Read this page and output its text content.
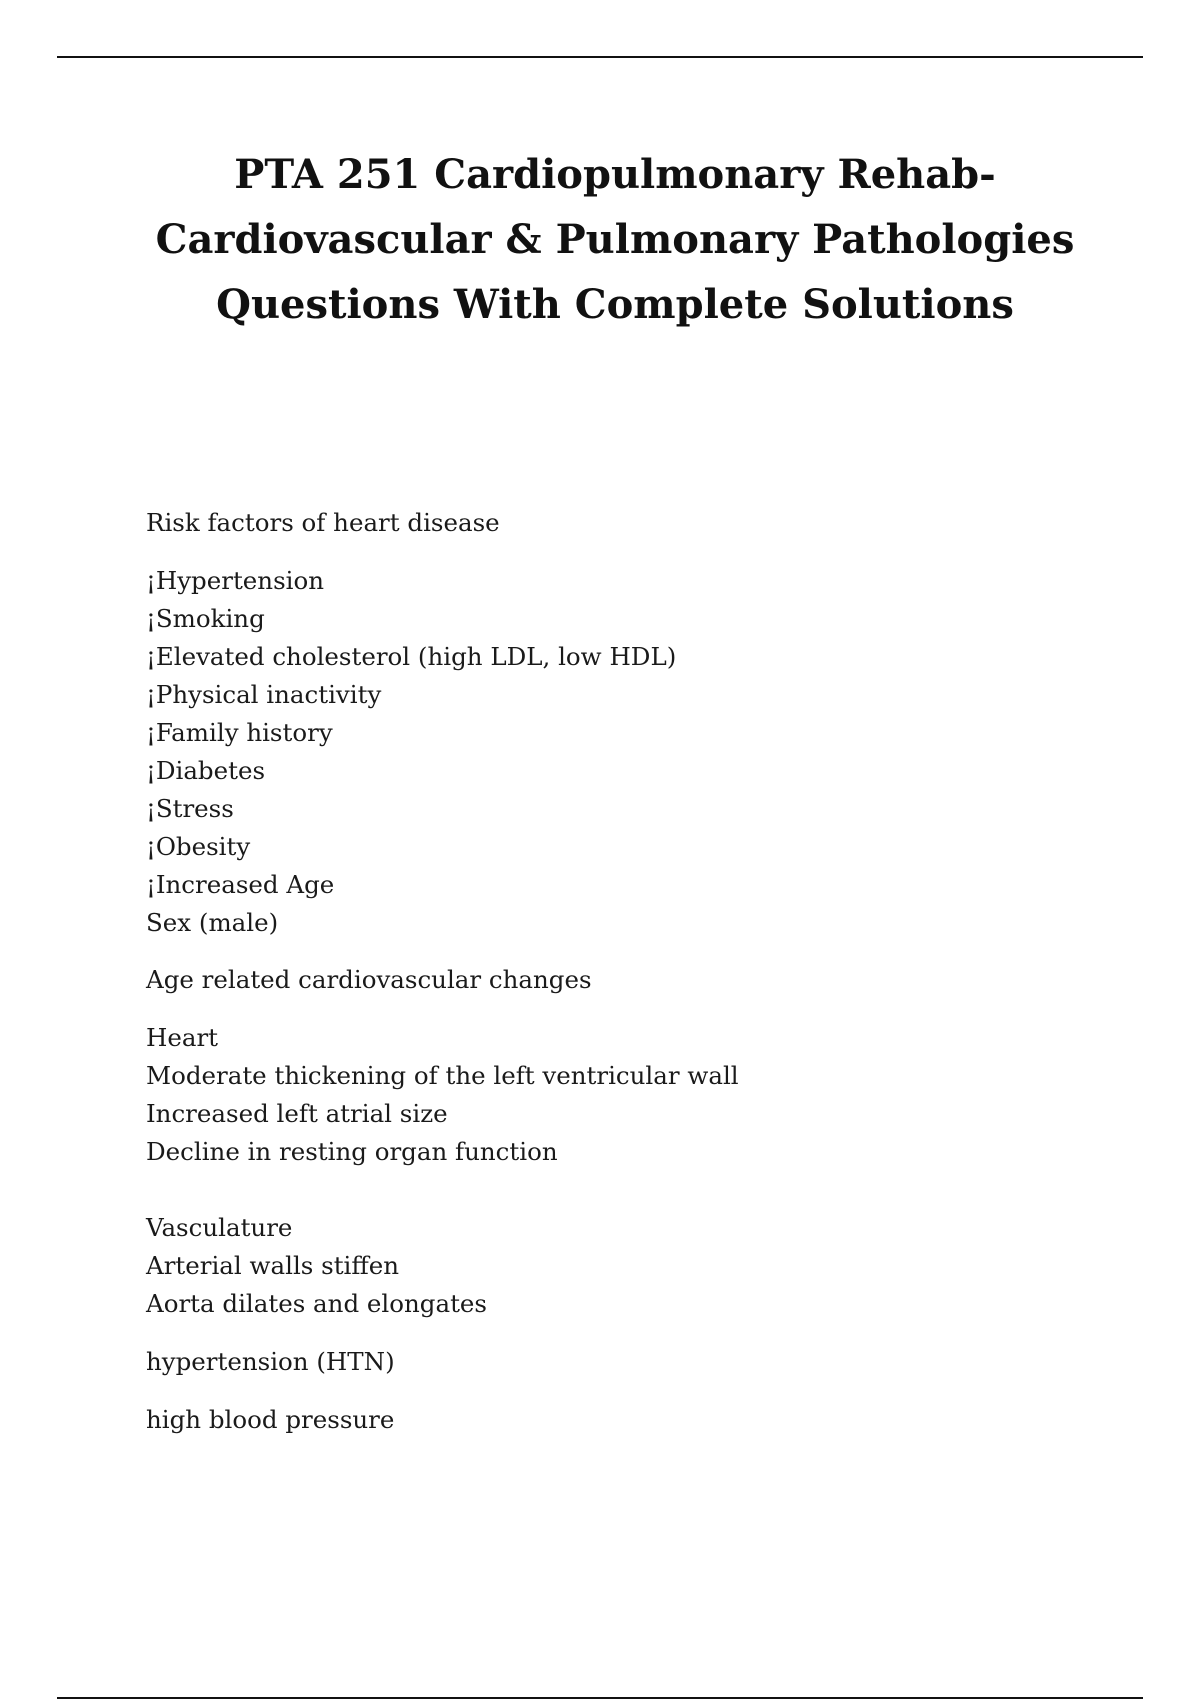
PTA 251 Cardiopulmonary Rehab-
Cardiovascular & Pulmonary Pathologies
Questions With Complete Solutions
Risk factors of heart disease
¡Hypertension
¡Smoking
¡Elevated cholesterol (high LDL, low HDL)
¡Physical inactivity
¡Family history
¡Diabetes
¡Stress
¡Obesity
¡Increased Age
Sex (male)
Age related cardiovascular changes
Heart
Moderate thickening of the left ventricular wall
Increased left atrial size
Decline in resting organ function
Vasculature
Arterial walls stiffen
Aorta dilates and elongates
hypertension (HTN)
high blood pressure
